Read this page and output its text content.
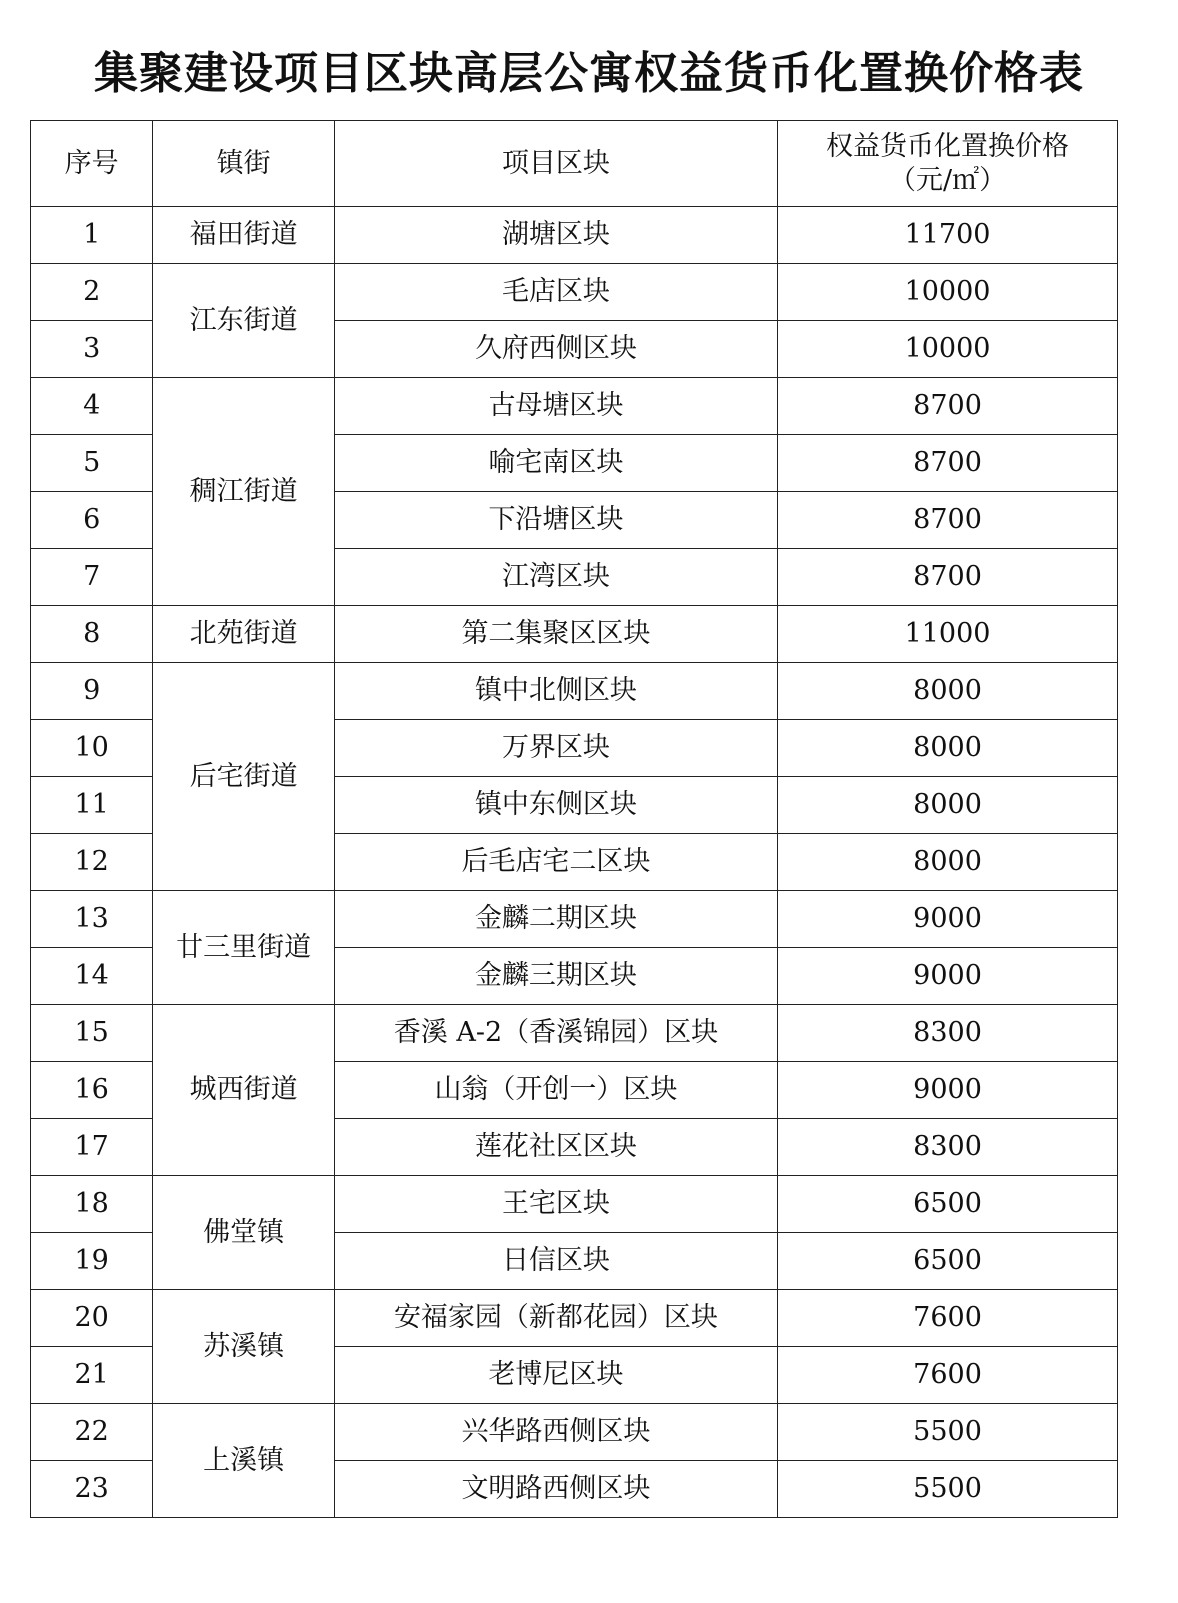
集聚建设项目区块高层公寓权益货币化置换价格表
序号	镇街	项目区块	权益货币化置换价格
（元/㎡）

1	福田街道	湖塘区块	11700
2	江东街道	毛店区块	10000
3		久府西侧区块	10000
4	稠江街道	古母塘区块	8700
5		喻宅南区块	8700
6		下沿塘区块	8700
7		江湾区块	8700
8	北苑街道	第二集聚区区块	11000
9	后宅街道	镇中北侧区块	8000
10		万界区块	8000
11		镇中东侧区块	8000
12		后毛店宅二区块	8000
13	廿三里街道	金麟二期区块	9000
14		金麟三期区块	9000
15	城西街道	香溪 A-2（香溪锦园）区块	8300
16		山翁（开创一）区块	9000
17		莲花社区区块	8300
18	佛堂镇	王宅区块	6500
19		日信区块	6500
20	苏溪镇	安福家园（新都花园）区块	7600
21		老博尼区块	7600
22	上溪镇	兴华路西侧区块	5500
23		文明路西侧区块	5500
